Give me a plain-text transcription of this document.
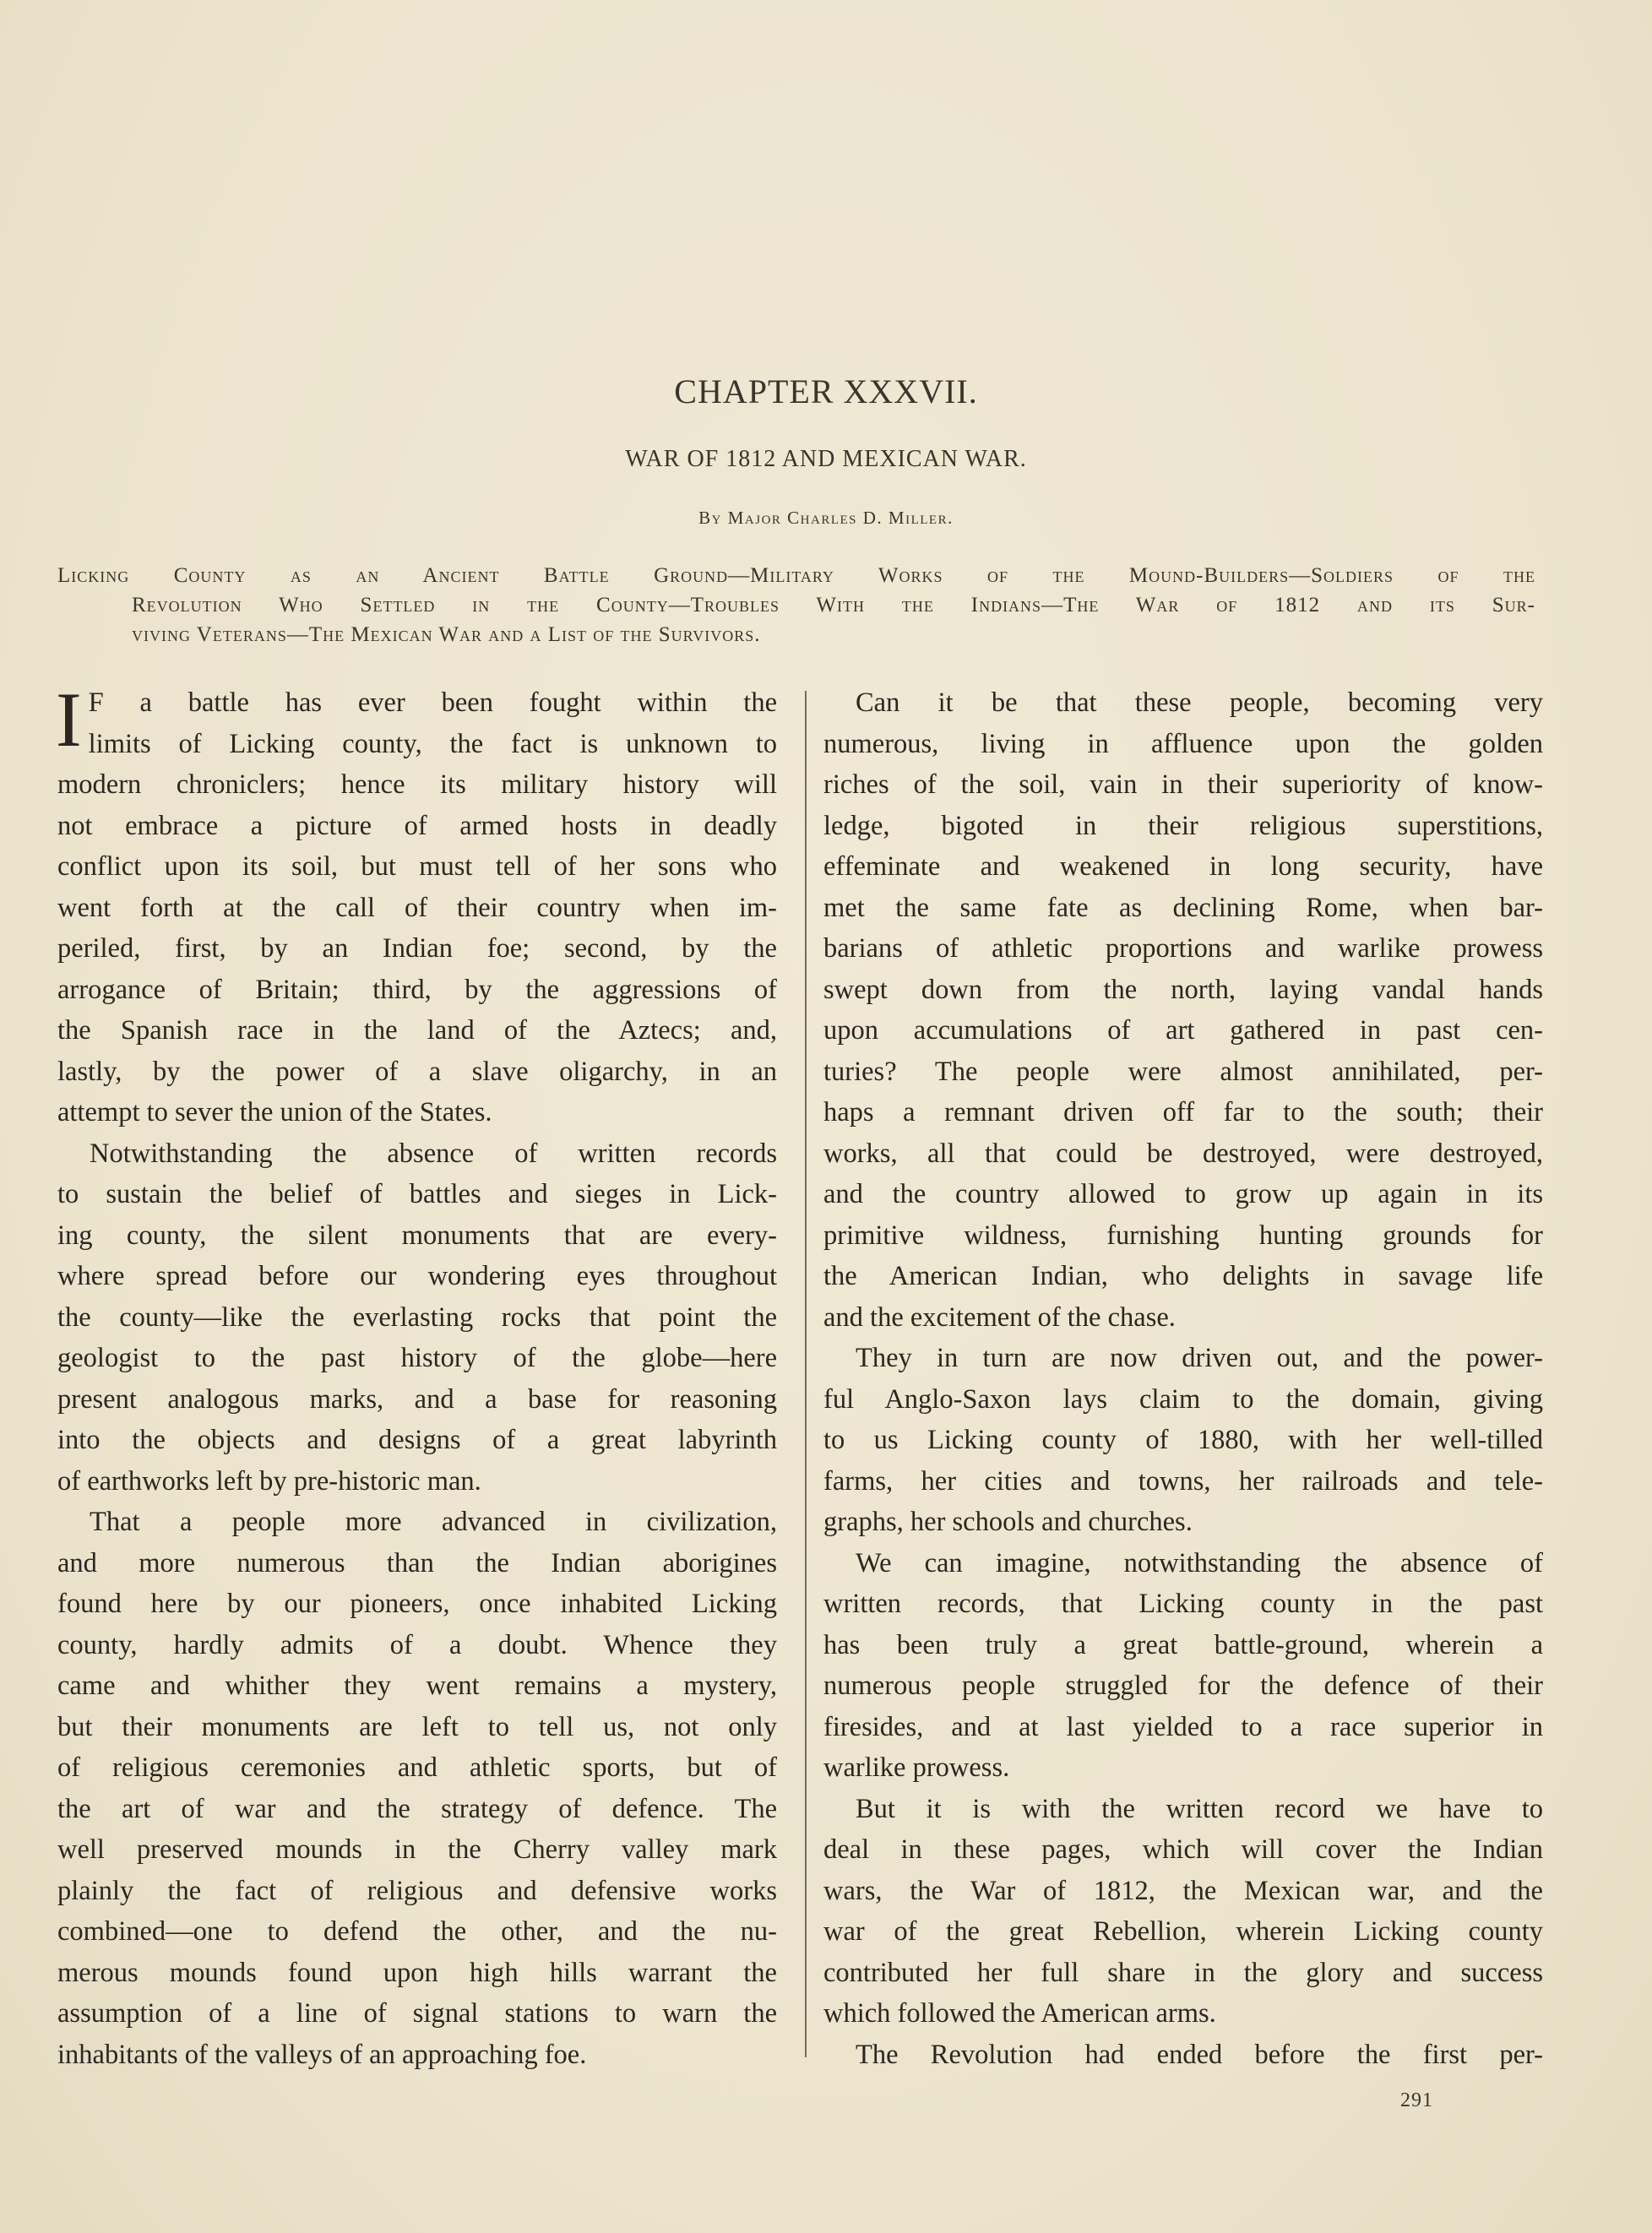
CHAPTER XXXVII.
WAR OF 1812 AND MEXICAN WAR.
By Major Charles D. Miller.
Licking County as an Ancient Battle Ground—Military Works of the Mound-Builders—Soldiers of the
Revolution Who Settled in the County—Troubles With the Indians—The War of 1812 and its Sur-
viving Veterans—The Mexican War and a List of the Survivors.

I F a battle has ever been fought within the
limits of Licking county, the fact is unknown to
modern chroniclers; hence its military history will
not embrace a picture of armed hosts in deadly
conflict upon its soil, but must tell of her sons who
went forth at the call of their country when im-
periled, first, by an Indian foe; second, by the
arrogance of Britain; third, by the aggressions of
the Spanish race in the land of the Aztecs; and,
lastly, by the power of a slave oligarchy, in an
attempt to sever the union of the States.

Notwithstanding the absence of written records
to sustain the belief of battles and sieges in Lick-
ing county, the silent monuments that are every-
where spread before our wondering eyes throughout
the county—like the everlasting rocks that point the
geologist to the past history of the globe—here
present analogous marks, and a base for reasoning
into the objects and designs of a great labyrinth
of earthworks left by pre-historic man.

That a people more advanced in civilization,
and more numerous than the Indian aborigines
found here by our pioneers, once inhabited Licking
county, hardly admits of a doubt. Whence they
came and whither they went remains a mystery,
but their monuments are left to tell us, not only
of religious ceremonies and athletic sports, but of
the art of war and the strategy of defence. The
well preserved mounds in the Cherry valley mark
plainly the fact of religious and defensive works
combined—one to defend the other, and the nu-
merous mounds found upon high hills warrant the
assumption of a line of signal stations to warn the
inhabitants of the valleys of an approaching foe.

Can it be that these people, becoming very
numerous, living in affluence upon the golden
riches of the soil, vain in their superiority of know-
ledge, bigoted in their religious superstitions,
effeminate and weakened in long security, have
met the same fate as declining Rome, when bar-
barians of athletic proportions and warlike prowess
swept down from the north, laying vandal hands
upon accumulations of art gathered in past cen-
turies? The people were almost annihilated, per-
haps a remnant driven off far to the south; their
works, all that could be destroyed, were destroyed,
and the country allowed to grow up again in its
primitive wildness, furnishing hunting grounds for
the American Indian, who delights in savage life
and the excitement of the chase.

They in turn are now driven out, and the power-
ful Anglo-Saxon lays claim to the domain, giving
to us Licking county of 1880, with her well-tilled
farms, her cities and towns, her railroads and tele-
graphs, her schools and churches.

We can imagine, notwithstanding the absence of
written records, that Licking county in the past
has been truly a great battle-ground, wherein a
numerous people struggled for the defence of their
firesides, and at last yielded to a race superior in
warlike prowess.

But it is with the written record we have to
deal in these pages, which will cover the Indian
wars, the War of 1812, the Mexican war, and the
war of the great Rebellion, wherein Licking county
contributed her full share in the glory and success
which followed the American arms.

The Revolution had ended before the first per-

291
